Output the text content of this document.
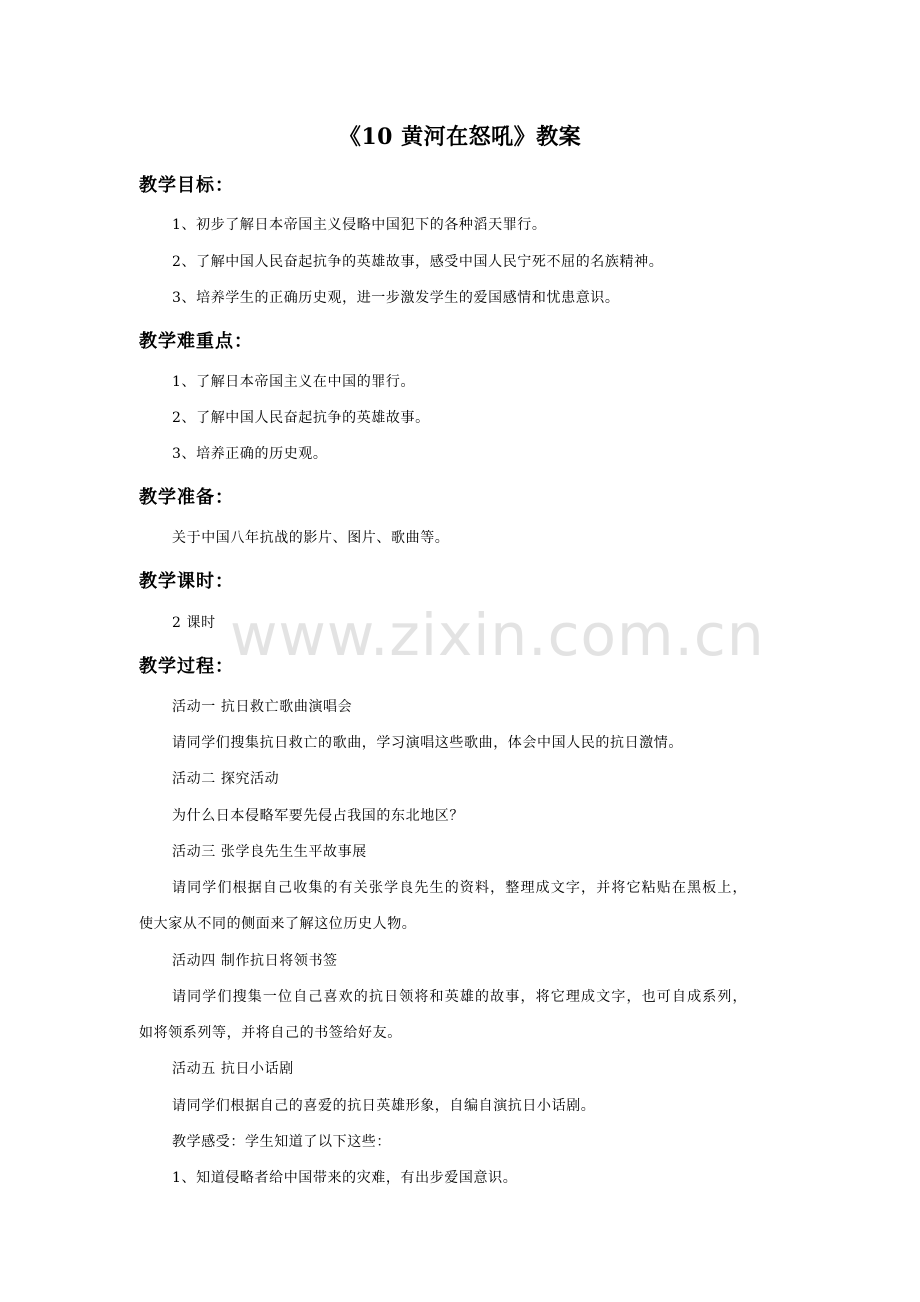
《10 黄河在怒吼》教案
教学目标：
1、初步了解日本帝国主义侵略中国犯下的各种滔天罪行。
2、了解中国人民奋起抗争的英雄故事，感受中国人民宁死不屈的名族精神。
3、培养学生的正确历史观，进一步激发学生的爱国感情和忧患意识。
教学难重点：
1、了解日本帝国主义在中国的罪行。
2、了解中国人民奋起抗争的英雄故事。
3、培养正确的历史观。
教学准备：
关于中国八年抗战的影片、图片、歌曲等。
教学课时：
2 课时
教学过程：
活动一 抗日救亡歌曲演唱会
请同学们搜集抗日救亡的歌曲，学习演唱这些歌曲，体会中国人民的抗日激情。
活动二 探究活动
为什么日本侵略军要先侵占我国的东北地区？
活动三 张学良先生生平故事展
请同学们根据自己收集的有关张学良先生的资料，整理成文字，并将它粘贴在黑板上，
使大家从不同的侧面来了解这位历史人物。
活动四 制作抗日将领书签
请同学们搜集一位自己喜欢的抗日领将和英雄的故事，将它理成文字，也可自成系列，
如将领系列等，并将自己的书签给好友。
活动五 抗日小话剧
请同学们根据自己的喜爱的抗日英雄形象，自编自演抗日小话剧。
教学感受：学生知道了以下这些：
1、知道侵略者给中国带来的灾难，有出步爱国意识。
www.zixin.com.cn
